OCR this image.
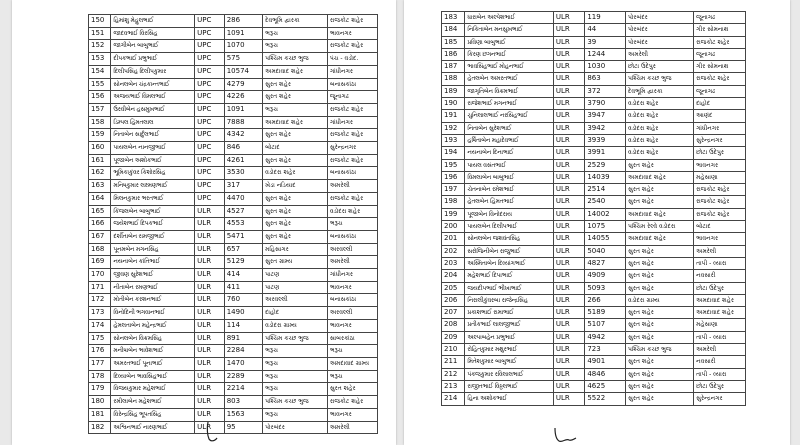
150	હિમાંશુ મેહુલભાઈ	UPC	286	દેવભૂમિ દ્વારકા	રાજકોટ શહેર
151	જાદવભાઈ વિરસિંહ	UPC	1091	ભરૂચ	ભાવનગર
152	જાગીબેન બાબુભાઈ	UPC	1070	ભરૂચ	રાજકોટ શહેર
153	દીપકભાઈ પ્રભુભાઈ	UPC	575	પશ્ચિમ કચ્છ ભુજ	પંચ - વડોદ.
154	દિલીપસિંહ દિલીપકુમાર	UPC	10574	અમદાવાદ શહેર	ગાંધીનગર
155	સોનલબેન ચંદ્રકાન્તભાઈ	UPC	4279	સુરત શહેર	બનાસકાંઠા
156	અજયભાઈ વિમલભાઈ	UPC	4226	સુરત શહેર	જૂનાગઢ
157	ઉરવીબેન હસમુખભાઈ	UPC	1091	ભરૂચ	રાજકોટ શહેર
158	ડિમ્પલ હિંમતલાલ	UPC	7888	અમદાવાદ શહેર	ગાંધીનગર
159	નિતાબેન સાર્દુલભાઈ	UPC	4342	સુરત શહેર	રાજકોટ શહેર
160	પાયલબેન નાનજીભાઈ	UPC	846	બોટાદ	સુરેન્દ્રનગર
161	પૂજાબેન અશોકભાઈ	UPC	4261	સુરત શહેર	રાજકોટ શહેર
162	ભૂમિકાકુંવર કિશોરસિંહ	UPC	3530	વડોદરા શહેર	બનાસકાંઠા
163	મનિષકુમાર લક્ષ્મણભાઈ	UPC	317	ખેડા નડિયાદ	અમરેલી
164	મિલનકુમાર ભરતભાઈ	UPC	4470	સુરત શહેર	રાજકોટ શહેર
165	કિંજલબેન બાબુભાઈ	ULR	4527	સુરત શહેર	વડોદરા શહેર
166	જયેશભાઈ દિપકભાઈ	ULR	4553	સુરત શહેર	ભરૂચ
167	દર્શીતાબેન રામજીભાઈ	ULR	5471	સુરત શહેર	બનાસકાંઠા
168	પૂનમબેન મગનસિંહ	ULR	657	મહિસાગર	અરવલ્લી
169	નયનાબેન કાંતિભાઈ	ULR	5129	સુરત ગ્રામ્ય	અમરેલી
170	જીવણ સુરેશભાઈ	ULR	414	પાટણ	ગાંધીનગર
171	નીતાબેન રમણભાઈ	ULR	411	પાટણ	ભાવનગર
172	મોતીબેન કરશનભાઈ	ULR	760	અરવલ્લી	બનાસકાંઠા
173	વિનોદિની ભગવાનભાઈ	ULR	1490	દાહોદ	અરવલ્લી
174	હેમલતાબેન મહેન્દ્રભાઈ	ULR	114	વડોદરા ગ્રામ્ય	ભાવનગર
175	સોનલબેન વિક્રમસિંહ	ULR	891	પશ્ચિમ કચ્છ ભુજ	સાબરકાંઠા
176	મનીષાબેન ભાવેશભાઈ	ULR	2284	ભરૂચ	ભરૂચ
177	અમરતભાઈ પૂનાભાઈ	ULR	1470	ભરૂચ	અમદાવાદ ગ્રામ્ય
178	દિવ્યાબેન ભાવસિંહભાઈ	ULR	2289	ભરૂચ	ભરૂચ
179	વિજયકુમાર મહેશભાઈ	ULR	2214	ભરૂચ	સુરત શહેર
180	રમીલાબેન મહેશભાઈ	ULR	803	પશ્ચિમ કચ્છ ભુજ	રાજકોટ શહેર
181	વિરેન્દ્રસિંહ ભૂપતસિંહ	ULR	1563	ભરૂચ	ભાવનગર
182	અશ્વિનભાઈ નારણભાઈ	ULR	95	પોરબંદર	અમરેલી
183	ધારાબેન અલ્પેશભાઈ	ULR	119	પોરબંદર	જૂનાગઢ
184	નિકિતાબેન મનસુખભાઈ	ULR	44	પોરબંદર	ગીર સોમનાથ
185	પ્રવિણા બાબુભાઈ	ULR	39	પોરબંદર	રાજકોટ શહેર
186	કિરણ છગનભાઈ	ULR	1244	અમરેલી	જૂનાગઢ
187	ભાવસિંહભાઈ મોહનભાઈ	ULR	1030	છોટા ઉદેપુર	ગીર સોમનાથ
188	હેતલબેન અમરતભાઈ	ULR	863	પશ્ચિમ કચ્છ ભુજ	રાજકોટ શહેર
189	જાગૃતિબેન વિક્રમભાઈ	ULR	372	દેવભૂમિ દ્વારકા	જૂનાગઢ
190	રાજેશભાઈ મગનભાઈ	ULR	3790	વડોદરા શહેર	દાહોદ
191	ચુનિલાલભાઈ નરસિંહભાઈ	ULR	3947	વડોદરા શહેર	આણંદ
192	નિતાબેન સુરેશભાઈ	ULR	3942	વડોદરા શહેર	ગાંધીનગર
193	હર્ષિતાબેન મહાદેવભાઈ	ULR	3939	વડોદરા શહેર	સુરેન્દ્રનગર
194	નયનાબેન દિનાભાઈ	ULR	3991	વડોદરા શહેર	છોટા ઉદેપુર
195	પાયલ વસંતભાઈ	ULR	2529	સુરત શહેર	ભાવનગર
196	વિમલાબેન બાબુભાઈ	ULR	14039	અમદાવાદ શહેર	મહેસાણા
197	ચેતનાબેન રમેશભાઈ	ULR	2514	સુરત શહેર	રાજકોટ શહેર
198	હેતલબેન હિંમતભાઈ	ULR	2540	સુરત શહેર	રાજકોટ શહેર
199	પૂજાબેન વિનોદરાય	ULR	14002	અમદાવાદ શહેર	રાજકોટ શહેર
200	પાયલબેન દિલીપભાઈ	ULR	1075	પશ્ચિમ રેલ્વે વડોદરા	બોટાદ
201	સોનલબેન જશવંતસિંહ	ULR	14055	અમદાવાદ શહેર	ભાવનગર
202	સરોજિનીબેન રાજુભાઈ	ULR	5040	સુરત શહેર	અમરેલી
203	અસ્મિતાબેન દિવ્યાંગભાઈ	ULR	4827	સુરત શહેર	તાપી - વ્યારા
204	મહેશભાઈ દિપાભાઈ	ULR	4909	સુરત શહેર	નવસારી
205	જયદીપભાઈ ભીખાભાઈ	ULR	5093	સુરત શહેર	છોટા ઉદેપુર
206	નિરાલીકુંવરબા રાજેન્દ્રસિંહ	ULR	266	વડોદરા ગ્રામ્ય	અમદાવાદ શહેર
207	પ્રકાશભાઈ રામાભાઈ	ULR	5189	સુરત શહેર	અમદાવાદ શહેર
208	પ્રતીકભાઈ લાલજીભાઈ	ULR	5107	સુરત શહેર	મહેસાણા
209	અલ્પાબહેન પ્રભુભાઈ	ULR	4942	સુરત શહેર	તાપી - વ્યારા
210	રોહિતકુમાર મથુરભાઈ	ULR	723	પશ્ચિમ કચ્છ ભુજ	અમરેલી
211	મિતેશકુમાર બાબુભાઈ	ULR	4901	સુરત શહેર	નવસારી
212	પંકજકુમાર રવિલાલભાઈ	ULR	4846	સુરત શહેર	તાપી - વ્યારા
213	રાજીતભાઈ વિઠ્ઠલભાઈ	ULR	4625	સુરત શહેર	છોટા ઉદેપુર
214	હિના અશોકભાઈ	ULR	5522	સુરત શહેર	સુરેન્દ્રનગર
